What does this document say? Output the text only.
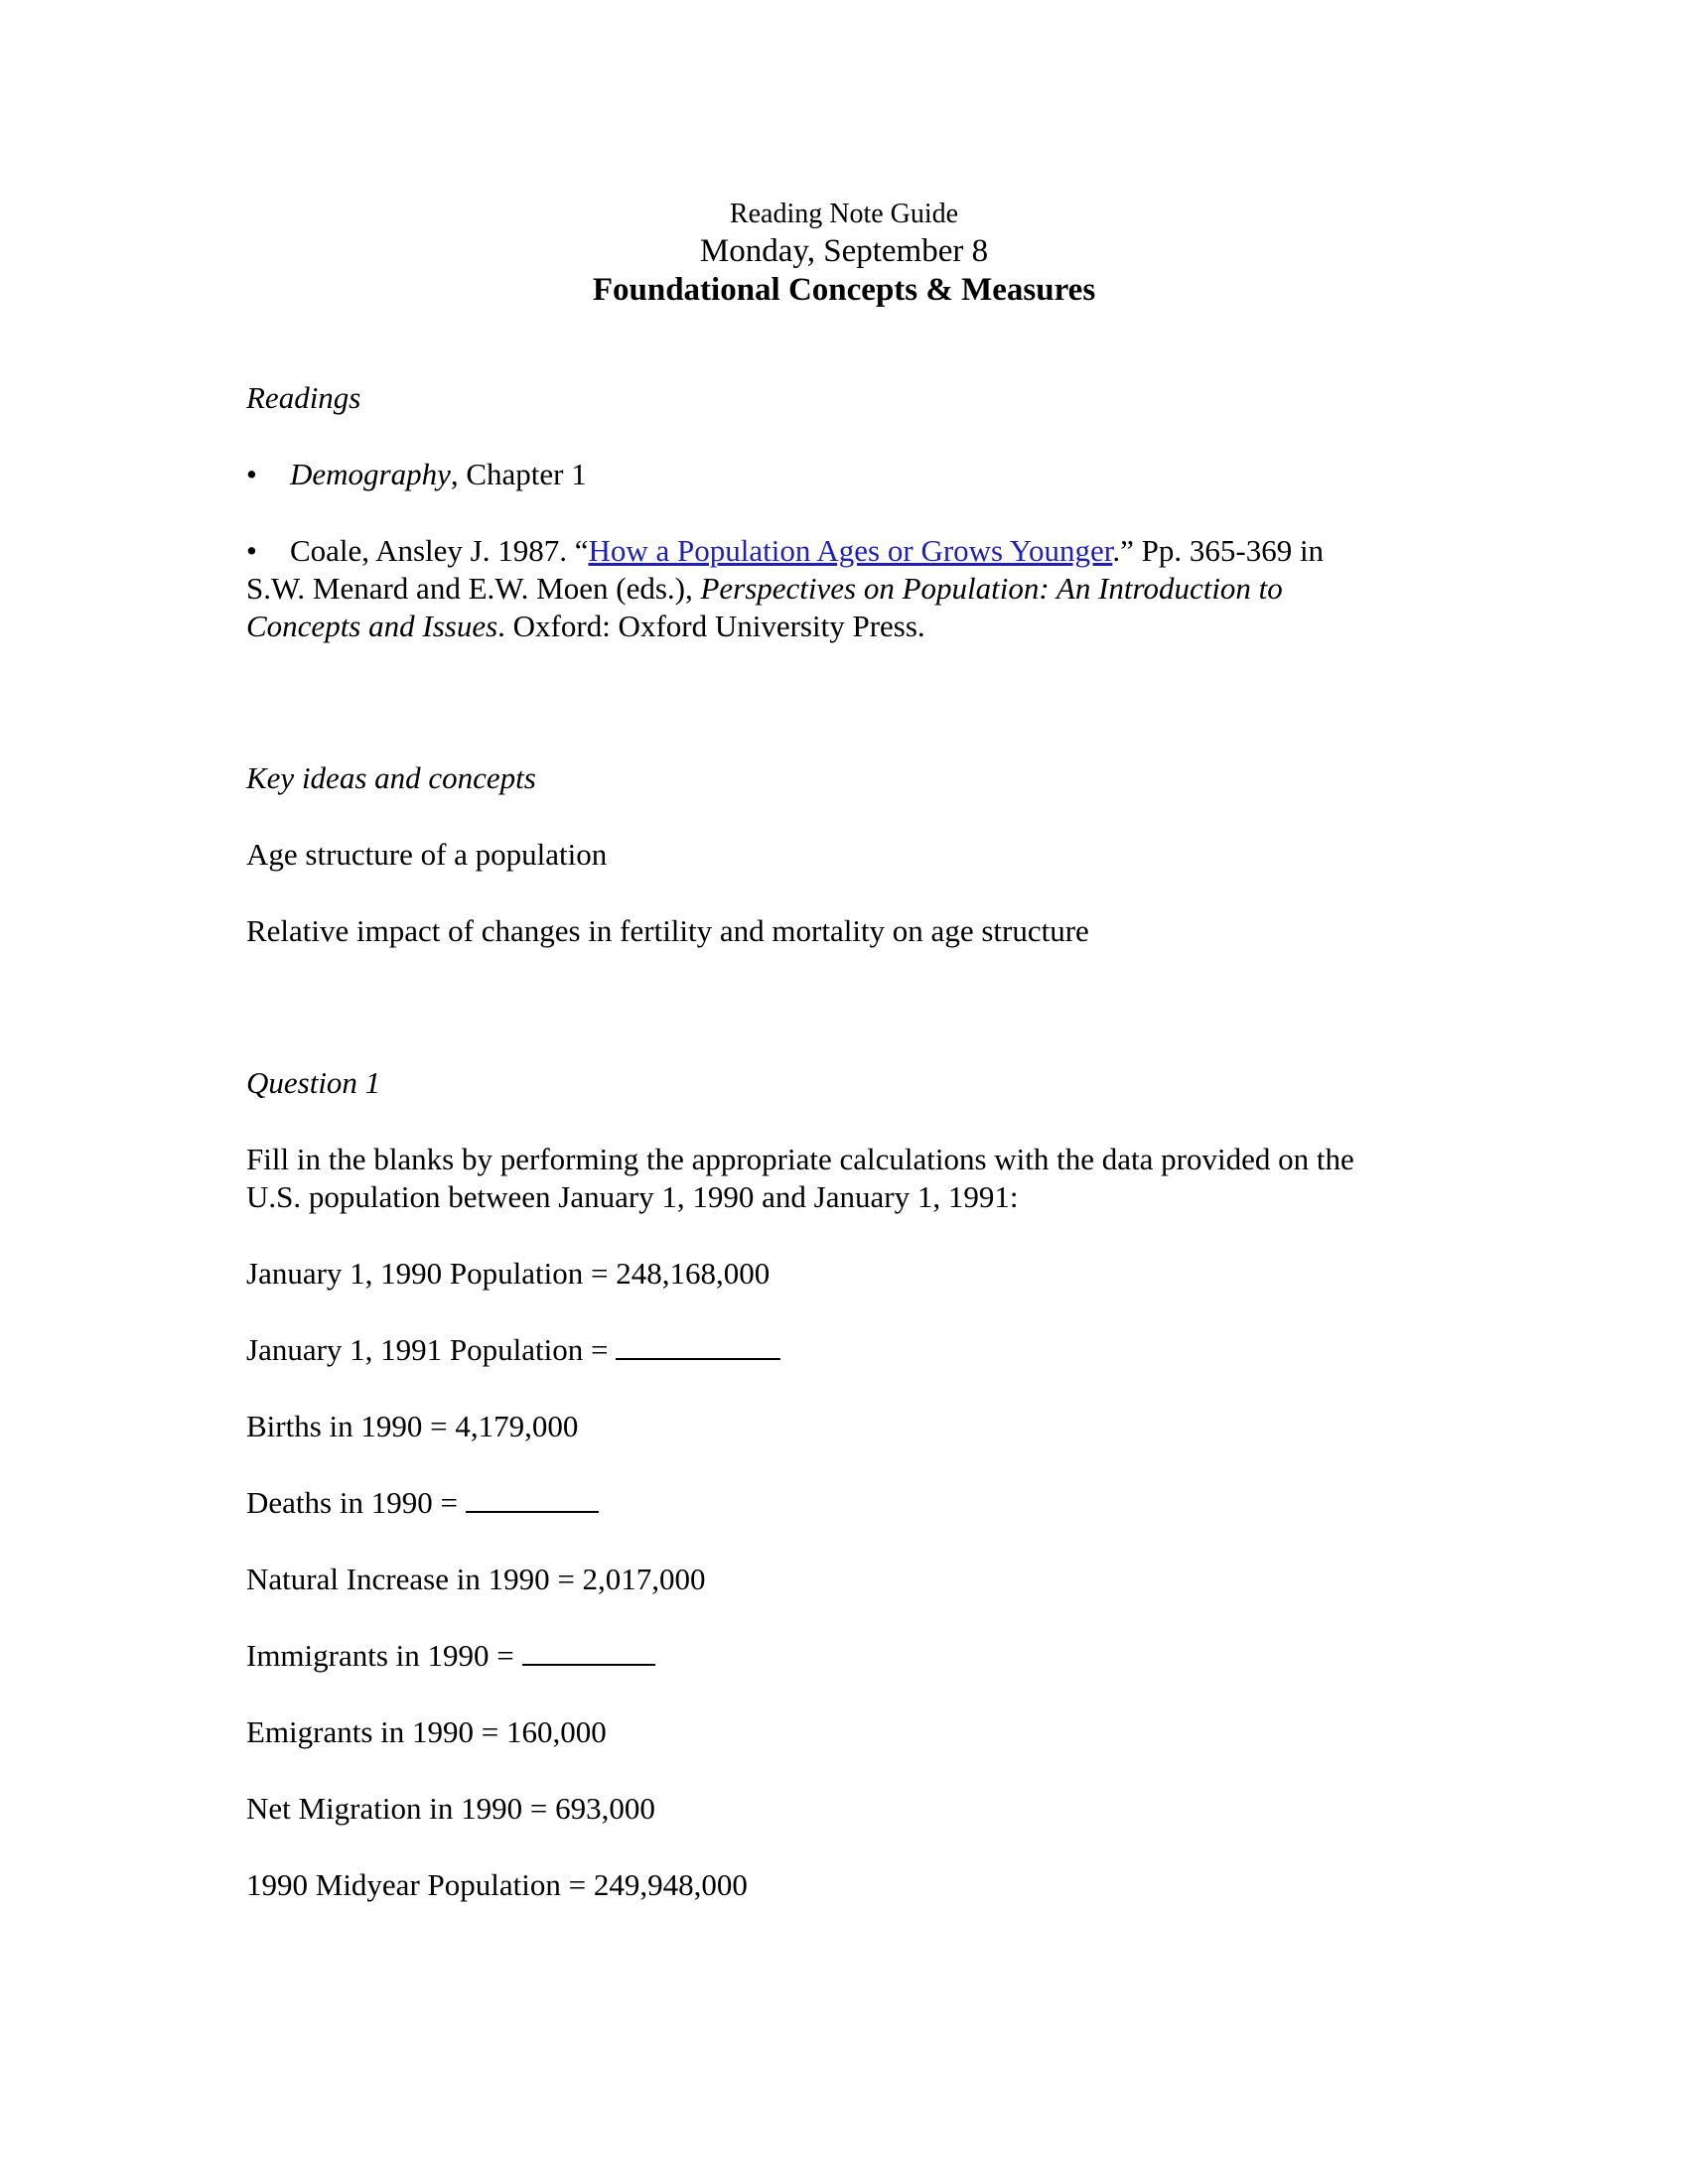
Reading Note Guide
Monday, September 8
Foundational Concepts & Measures
Readings
• Demography, Chapter 1
• Coale, Ansley J. 1987. “How a Population Ages or Grows Younger.” Pp. 365-369 in
S.W. Menard and E.W. Moen (eds.), Perspectives on Population: An Introduction to
Concepts and Issues. Oxford: Oxford University Press.
Key ideas and concepts
Age structure of a population
Relative impact of changes in fertility and mortality on age structure
Question 1
Fill in the blanks by performing the appropriate calculations with the data provided on the
U.S. population between January 1, 1990 and January 1, 1991:
January 1, 1990 Population = 248,168,000
January 1, 1991 Population =
Births in 1990 = 4,179,000
Deaths in 1990 =
Natural Increase in 1990 = 2,017,000
Immigrants in 1990 =
Emigrants in 1990 = 160,000
Net Migration in 1990 = 693,000
1990 Midyear Population = 249,948,000
